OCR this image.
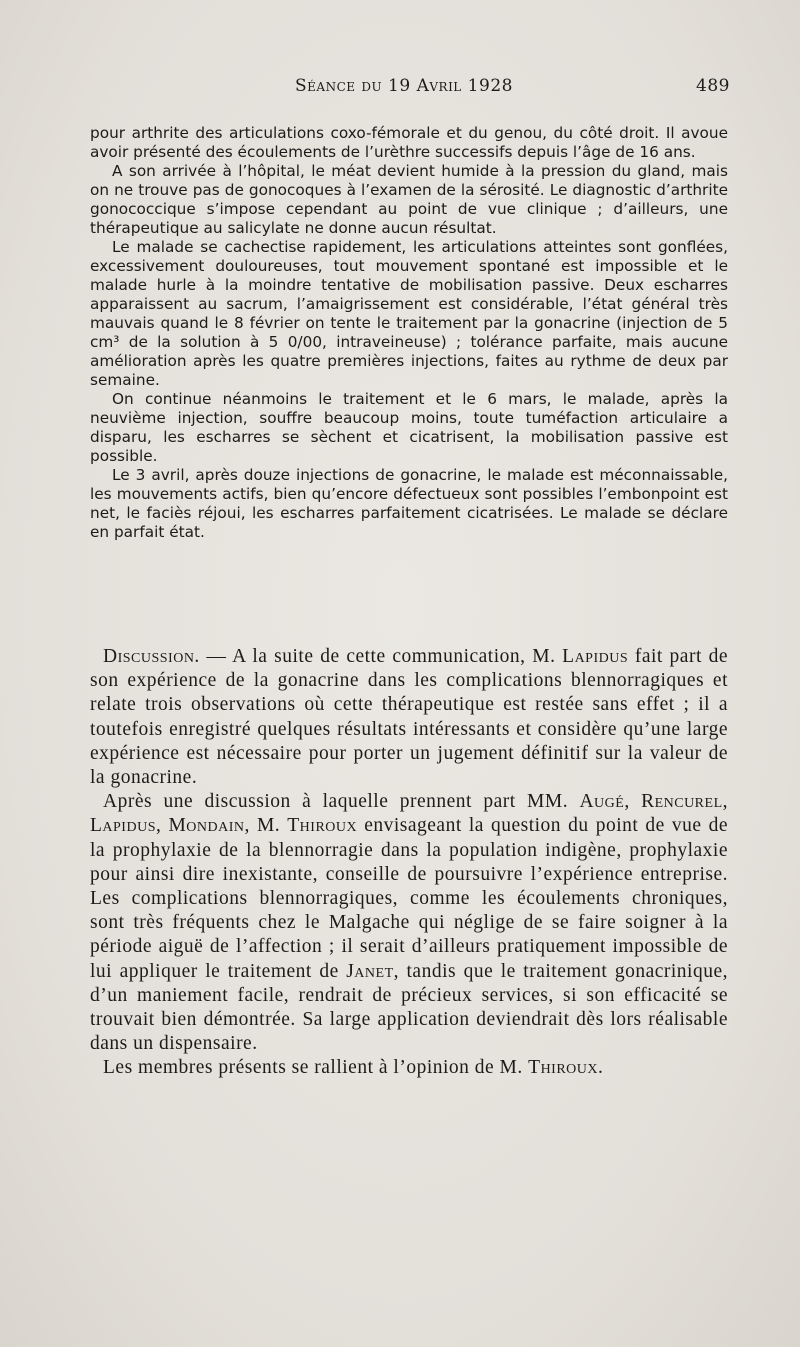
Séance du 19 Avril 1928	489

pour arthrite des articulations coxo-fémorale et du genou, du côté droit. Il avoue avoir présenté des écoulements de l’urèthre successifs depuis l’âge de 16 ans.

A son arrivée à l’hôpital, le méat devient humide à la pression du gland, mais on ne trouve pas de gonocoques à l’examen de la sérosité. Le diagnostic d’arthrite gonococcique s’impose cependant au point de vue clinique ; d’ailleurs, une thérapeutique au salicylate ne donne aucun résultat.

Le malade se cachectise rapidement, les articulations atteintes sont gonflées, excessivement douloureuses, tout mouvement spontané est impossible et le malade hurle à la moindre tentative de mobilisation passive. Deux escharres apparaissent au sacrum, l’amaigrissement est considérable, l’état général très mauvais quand le 8 février on tente le traitement par la gonacrine (injection de 5 cm³ de la solution à 5 0/00, intraveineuse) ; tolérance parfaite, mais aucune amélioration après les quatre premières injections, faites au rythme de deux par semaine.

On continue néanmoins le traitement et le 6 mars, le malade, après la neuvième injection, souffre beaucoup moins, toute tuméfaction articulaire a disparu, les escharres se sèchent et cicatrisent, la mobilisation passive est possible.

Le 3 avril, après douze injections de gonacrine, le malade est méconnaissable, les mouvements actifs, bien qu’encore défectueux sont possibles l’embonpoint est net, le faciès réjoui, les escharres parfaitement cicatrisées. Le malade se déclare en parfait état.

Discussion. — A la suite de cette communication, M. Lapidus fait part de son expérience de la gonacrine dans les complications blennorragiques et relate trois observations où cette thérapeutique est restée sans effet ; il a toutefois enregistré quelques résultats intéressants et considère qu’une large expérience est nécessaire pour porter un jugement définitif sur la valeur de la gonacrine.

Après une discussion à laquelle prennent part MM. Augé, Rencurel, Lapidus, Mondain, M. Thiroux envisageant la question du point de vue de la prophylaxie de la blennorragie dans la population indigène, prophylaxie pour ainsi dire inexistante, conseille de poursuivre l’expérience entreprise. Les complications blennorragiques, comme les écoulements chroniques, sont très fréquents chez le Malgache qui néglige de se faire soigner à la période aiguë de l’affection ; il serait d’ailleurs pratiquement impossible de lui appliquer le traitement de Janet, tandis que le traitement gonacrinique, d’un maniement facile, rendrait de précieux services, si son efficacité se trouvait bien démontrée. Sa large application deviendrait dès lors réalisable dans un dispensaire.

Les membres présents se rallient à l’opinion de M. Thiroux.
